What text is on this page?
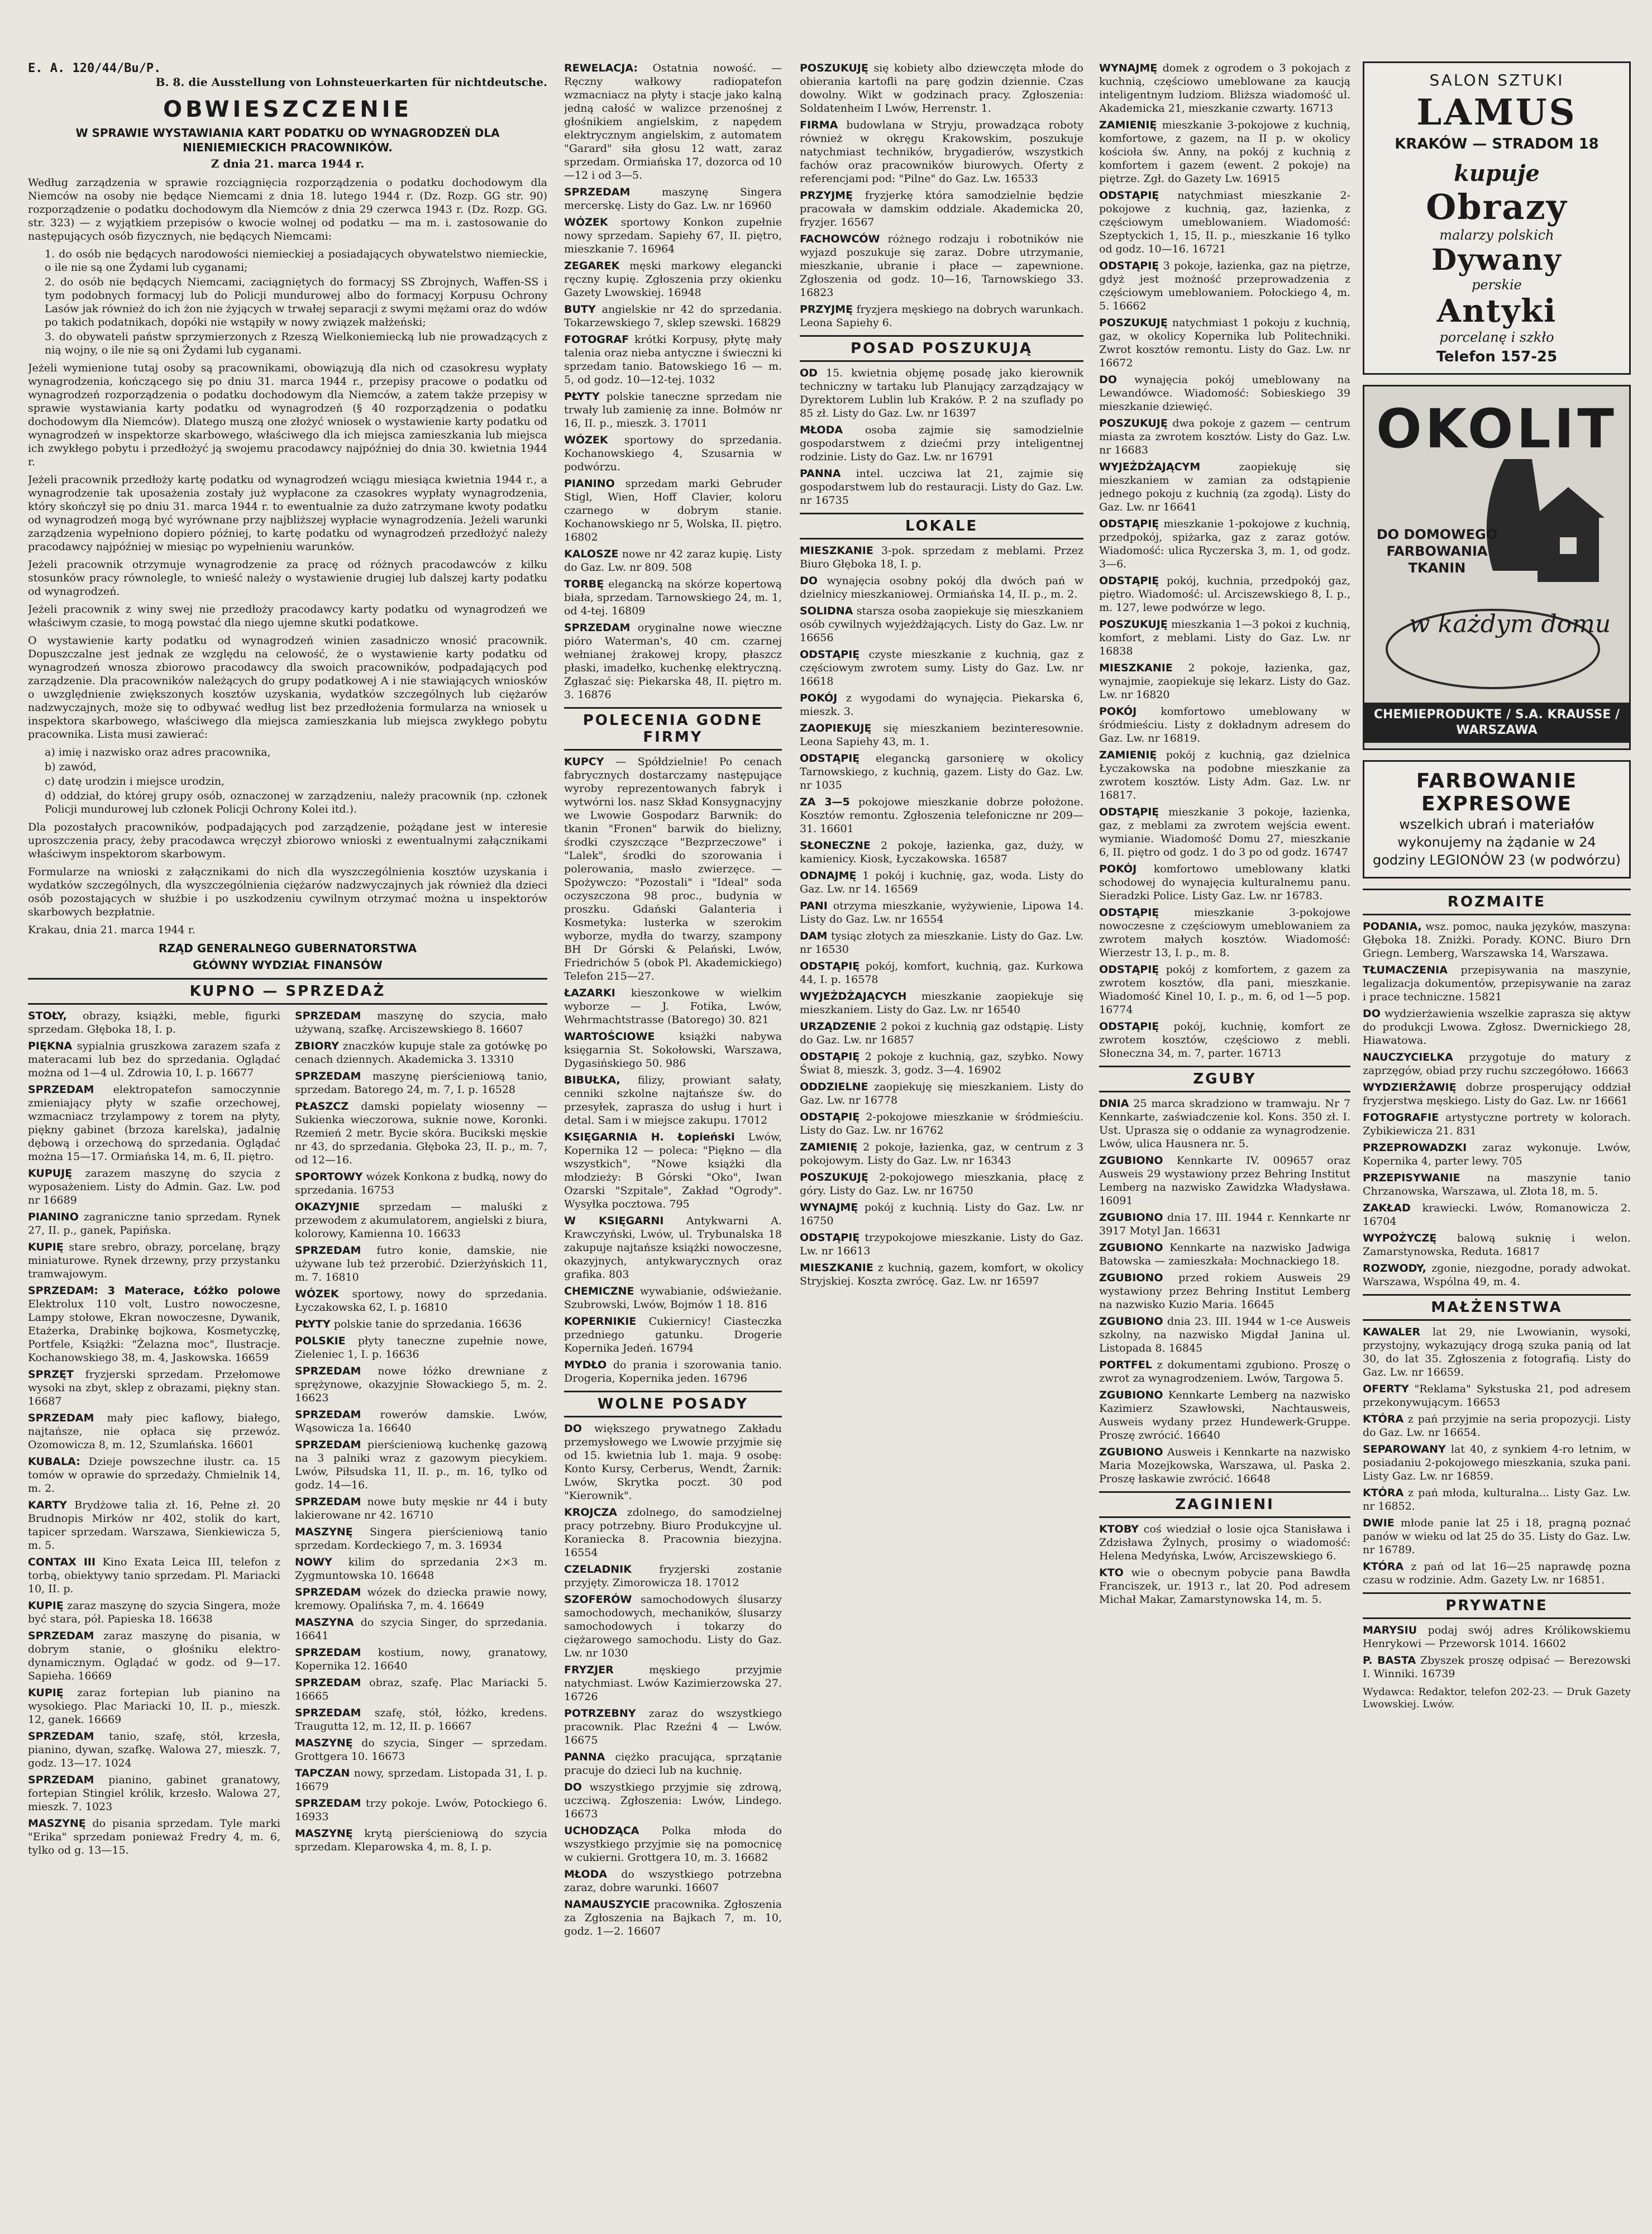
E. A. 120/44/Bu/P.
B. 8. die Ausstellung von Lohnsteuerkarten für nichtdeutsche.
OBWIESZCZENIE
W SPRAWIE WYSTAWIANIA KART PODATKU OD WYNAGRODZEŃ DLA NIENIEMIECKICH PRACOWNIKÓW.
Z dnia 21. marca 1944 r.

Według zarządzenia w sprawie rozciągnięcia rozporządzenia o podatku dochodowym dla Niemców na osoby nie będące Niemcami z dnia 18. lutego 1944 r. (Dz. Rozp. GG str. 90) rozporządzenie o podatku dochodowym dla Niemców z dnia 29 czerwca 1943 r. (Dz. Rozp. GG. str. 323) — z wyjątkiem przepisów o kwocie wolnej od podatku — ma m. i. zastosowanie do następujących osób fizycznych, nie będących Niemcami:

1. do osób nie będących narodowości niemieckiej a posiadających obywatelstwo niemieckie, o ile nie są one Żydami lub cyganami;
2. do osób nie będących Niemcami, zaciągniętych do formacyj SS Zbrojnych, Waffen-SS i tym podobnych formacyj lub do Policji mundurowej albo do formacyj Korpusu Ochrony Lasów jak również do ich żon nie żyjących w trwałej separacji z swymi mężami oraz do wdów po takich podatnikach, dopóki nie wstąpiły w nowy związek małżeński;
3. do obywateli państw sprzymierzonych z Rzeszą Wielkoniemiecką lub nie prowadzących z nią wojny, o ile nie są oni Żydami lub cyganami.

Jeżeli wymienione tutaj osoby są pracownikami, obowiązują dla nich od czasokresu wypłaty wynagrodzenia, kończącego się po dniu 31. marca 1944 r., przepisy pracowe o podatku od wynagrodzeń rozporządzenia o podatku dochodowym dla Niemców, a zatem także przepisy w sprawie wystawiania karty podatku od wynagrodzeń (§ 40 rozporządzenia o podatku dochodowym dla Niemców). Dlatego muszą one złożyć wniosek o wystawienie karty podatku od wynagrodzeń w inspektorze skarbowego, właściwego dla ich miejsca zamieszkania lub miejsca ich zwykłego pobytu i przedłożyć ją swojemu pracodawcy najpóźniej do dnia 30. kwietnia 1944 r.

Jeżeli pracownik przedłoży kartę podatku od wynagrodzeń wciągu miesiąca kwietnia 1944 r., a wynagrodzenie tak uposażenia zostały już wypłacone za czasokres wypłaty wynagrodzenia, który skończył się po dniu 31. marca 1944 r. to ewentualnie za dużo zatrzymane kwoty podatku od wynagrodzeń mogą być wyrównane przy najbliższej wypłacie wynagrodzenia. Jeżeli warunki zarządzenia wypełniono dopiero później, to kartę podatku od wynagrodzeń przedłożyć należy pracodawcy najpóźniej w miesiąc po wypełnieniu warunków.

Jeżeli pracownik otrzymuje wynagrodzenie za pracę od różnych pracodawców z kilku stosunków pracy równolegle, to wnieść należy o wystawienie drugiej lub dalszej karty podatku od wynagrodzeń.

Jeżeli pracownik z winy swej nie przedłoży pracodawcy karty podatku od wynagrodzeń we właściwym czasie, to mogą powstać dla niego ujemne skutki podatkowe.

O wystawienie karty podatku od wynagrodzeń winien zasadniczo wnosić pracownik. Dopuszczalne jest jednak ze względu na celowość, że o wystawienie karty podatku od wynagrodzeń wnosza zbiorowo pracodawcy dla swoich pracowników, podpadających pod zarządzenie. Dla pracowników należących do grupy podatkowej A i nie stawiających wniosków o uwzględnienie zwiększonych kosztów uzyskania, wydatków szczególnych lub ciężarów nadzwyczajnych, może się to odbywać według list bez przedłożenia formularza na wniosek u inspektora skarbowego, właściwego dla miejsca zamieszkania lub miejsca zwykłego pobytu pracownika. Lista musi zawierać:

a) imię i nazwisko oraz adres pracownika,
b) zawód,
c) datę urodzin i miejsce urodzin,
d) oddział, do której grupy osób, oznaczonej w zarządzeniu, należy pracownik (np. członek Policji mundurowej lub członek Policji Ochrony Kolei itd.).

Dla pozostałych pracowników, podpadających pod zarządzenie, pożądane jest w interesie uproszczenia pracy, żeby pracodawca wręczył zbiorowo wnioski z ewentualnymi załącznikami właściwym inspektorom skarbowym.

Formularze na wnioski z załącznikami do nich dla wyszczególnienia kosztów uzyskania i wydatków szczególnych, dla wyszczególnienia ciężarów nadzwyczajnych jak również dla dzieci osób pozostających w służbie i po uszkodzeniu cywilnym otrzymać można u inspektorów skarbowych bezpłatnie.

Krakau, dnia 21. marca 1944 r.

RZĄD GENERALNEGO GUBERNATORSTWA
GŁÓWNY WYDZIAŁ FINANSÓW
KUPNO — SPRZEDAŻ

STOŁY, obrazy, książki, meble, figurki sprzedam. Głęboka 18, I. p.

PIĘKNA sypialnia gruszkowa zarazem szafa z materacami lub bez do sprzedania. Oglądać można od 1—4 ul. Zdrowia 10, I. p. 16677

SPRZEDAM elektropatefon samoczynnie zmieniający płyty w szafie orzechowej, wzmacniacz trzylampowy z torem na płyty, piękny gabinet (brzoza karelska), jadalnię dębową i orzechową do sprzedania. Oglądać można 15—17. Ormiańska 14, m. 6, II. piętro.

KUPUJĘ zarazem maszynę do szycia z wyposażeniem. Listy do Admin. Gaz. Lw. pod nr 16689

PIANINO zagraniczne tanio sprzedam. Rynek 27, II. p., ganek, Papińska.

KUPIĘ stare srebro, obrazy, porcelanę, brązy miniaturowe. Rynek drzewny, przy przystanku tramwajowym.

SPRZEDAM: 3 Materace, Łóżko polowe Elektrolux 110 volt, Lustro nowoczesne, Lampy stołowe, Ekran nowoczesne, Dywanik, Etażerka, Drabinkę bojkowa, Kosmetyczkę, Portfele, Książki: "Żelazna moc", Ilustracje. Kochanowskiego 38, m. 4, Jaskowska. 16659

SPRZĘT fryzjerski sprzedam. Przełomowe wysoki na zbyt, sklep z obrazami, piękny stan. 16687

SPRZEDAM mały piec kaflowy, białego, najtańsze, nie opłaca się przewóz. Ozomowicza 8, m. 12, Szumlańska. 16601

KUBALA: Dzieje powszechne ilustr. ca. 15 tomów w oprawie do sprzedaży. Chmielnik 14, m. 2.

KARTY Brydżowe talia zł. 16, Pełne zł. 20 Brudnopis Mirków nr 402, stolik do kart, tapicer sprzedam. Warszawa, Sienkiewicza 5, m. 5.

CONTAX III Kino Exata Leica III, telefon z torbą, obiektywy tanio sprzedam. Pl. Mariacki 10, II. p.

KUPIĘ zaraz maszynę do szycia Singera, może być stara, pół. Papieska 18. 16638

SPRZEDAM zaraz maszynę do pisania, w dobrym stanie, o głośniku elektro-dynamicznym. Oglądać w godz. od 9—17. Sapieha. 16669

KUPIĘ zaraz fortepian lub pianino na wysokiego. Plac Mariacki 10, II. p., mieszk. 12, ganek. 16669

SPRZEDAM tanio, szafę, stół, krzesła, pianino, dywan, szafkę. Walowa 27, mieszk. 7, godz. 13—17. 1024

SPRZEDAM pianino, gabinet granatowy, fortepian Stingiel królik, krzesło. Walowa 27, mieszk. 7. 1023

MASZYNĘ do pisania sprzedam. Tyle marki "Erika" sprzedam ponieważ Fredry 4, m. 6, tylko od g. 13—15.

SPRZEDAM maszynę do szycia, mało używaną, szafkę. Arciszewskiego 8. 16607

ZBIORY znaczków kupuje stale za gotówkę po cenach dziennych. Akademicka 3. 13310

SPRZEDAM maszynę pierścieniową tanio, sprzedam. Batorego 24, m. 7, I. p. 16528

PŁASZCZ damski popielaty wiosenny — Sukienka wieczorowa, suknie nowe, Koronki. Rzemień 2 metr. Bycie skóra. Bucikski męskie nr 43, do sprzedania. Głęboka 23, II. p., m. 7, od 12—16.

SPORTOWY wózek Konkona z budką, nowy do sprzedania. 16753

OKAZYJNIE sprzedam — maluśki z przewodem z akumulatorem, angielski z biura, kolorowy, Kamienna 10. 16633

SPRZEDAM futro konie, damskie, nie używane lub też przerobić. Dzierżyńskich 11, m. 7. 16810

WÓZEK sportowy, nowy do sprzedania. Łyczakowska 62, I. p. 16810

PŁYTY polskie tanie do sprzedania. 16636

POLSKIE płyty taneczne zupełnie nowe, Zieleniec 1, I. p. 16636

SPRZEDAM nowe łóżko drewniane z sprężynowe, okazyjnie Słowackiego 5, m. 2. 16623

SPRZEDAM rowerów damskie. Lwów, Wąsowicza 1a. 16640

SPRZEDAM pierścieniową kuchenkę gazową na 3 palniki wraz z gazowym piecykiem. Lwów, Piłsudska 11, II. p., m. 16, tylko od godz. 14—16.

SPRZEDAM nowe buty męskie nr 44 i buty lakierowane nr 42. 16710

MASZYNĘ Singera pierścieniową tanio sprzedam. Kordeckiego 7, m. 3. 16934

NOWY kilim do sprzedania 2×3 m. Zygmuntowska 10. 16648

SPRZEDAM wózek do dziecka prawie nowy, kremowy. Opalińska 7, m. 4. 16649

MASZYNA do szycia Singer, do sprzedania. 16641

SPRZEDAM kostium, nowy, granatowy, Kopernika 12. 16640

SPRZEDAM obraz, szafę. Plac Mariacki 5. 16665

SPRZEDAM szafę, stół, łóżko, kredens. Traugutta 12, m. 12, II. p. 16667

MASZYNĘ do szycia, Singer — sprzedam. Grottgera 10. 16673

TAPCZAN nowy, sprzedam. Listopada 31, I. p. 16679

SPRZEDAM trzy pokoje. Lwów, Potockiego 6. 16933

MASZYNĘ krytą pierścieniową do szycia sprzedam. Kleparowska 4, m. 8, I. p.

REWELACJA: Ostatnia nowość. — Ręczny wałkowy radiopatefon wzmacniacz na płyty i stacje jako kalną jedną całość w walizce przenośnej z głośnikiem angielskim, z napędem elektrycznym angielskim, z automatem "Garard" siła głosu 12 watt, zaraz sprzedam. Ormiańska 17, dozorca od 10—12 i od 3—5.

SPRZEDAM maszynę Singera mercerskę. Listy do Gaz. Lw. nr 16960

WÓZEK sportowy Konkon zupełnie nowy sprzedam. Sapiehy 67, II. piętro, mieszkanie 7. 16964

ZEGAREK męski markowy elegancki ręczny kupię. Zgłoszenia przy okienku Gazety Lwowskiej. 16948

BUTY angielskie nr 42 do sprzedania. Tokarzewskiego 7, sklep szewski. 16829

FOTOGRAF krótki Korpusy, płytę mały talenia oraz nieba antyczne i świeczni ki sprzedam tanio. Batowskiego 16 — m. 5, od godz. 10—12-tej. 1032

PŁYTY polskie taneczne sprzedam nie trwały lub zamienię za inne. Bołmów nr 16, II. p., mieszk. 3. 17011

WÓZEK sportowy do sprzedania. Kochanowskiego 4, Szusarnia w podwórzu.

PIANINO sprzedam marki Gebruder Stigl, Wien, Hoff Clavier, koloru czarnego w dobrym stanie. Kochanowskiego nr 5, Wolska, II. piętro. 16802

KALOSZE nowe nr 42 zaraz kupię. Listy do Gaz. Lw. nr 809. 508

TORBĘ elegancką na skórze kopertową biała, sprzedam. Tarnowskiego 24, m. 1, od 4-tej. 16809

SPRZEDAM oryginalne nowe wieczne pióro Waterman's, 40 cm. czarnej wełnianej żrakowej kropy, płaszcz płaski, imadełko, kuchenkę elektryczną. Zgłaszać się: Piekarska 48, II. piętro m. 3. 16876

POLECENIA GODNE FIRMY

KUPCY — Spółdzielnie! Po cenach fabrycznych dostarczamy następujące wyroby reprezentowanych fabryk i wytwórni los. nasz Skład Konsygnacyjny we Lwowie Gospodarz Barwnik: do tkanin "Fronen" barwik do bielizny, środki czyszczące "Bezprzeczowe" i "Lalek", środki do szorowania i polerowania, masło zwierzęce. — Spożywczo: "Pozostali" i "Ideal" soda oczyszczona 98 proc., budynia w proszku. Gdański Galanteria i Kosmetyka: lusterka w szerokim wyborze, mydła do twarzy, szampony BH Dr Górski & Pelański, Lwów, Friedrichów 5 (obok Pl. Akademickiego) Telefon 215—27.

ŁAZARKI kieszonkowe w wielkim wyborze — J. Fotika, Lwów, Wehrmachtstrasse (Batorego) 30. 821

WARTOŚCIOWE książki nabywa księgarnia St. Sokołowski, Warszawa, Dygasińskiego 50. 986

BIBUŁKA, filizy, prowiant sałaty, cenniki szkolne najtańsze św. do przesyłek, zaprasza do usług i hurt i detal. Sam i w miejsce zakupu. 17012

KSIĘGARNIA H. Łopieński Lwów, Kopernika 12 — poleca: "Piękno — dla wszystkich", "Nowe książki dla młodzieży: B Górski "Oko", Iwan Ozarski "Szpitale", Zakład "Ogrody". Wysyłka pocztowa. 795

W KSIĘGARNI Antykwarni A. Krawczyński, Lwów, ul. Trybunalska 18 zakupuje najtańsze książki nowoczesne, okazyjnych, antykwarycznych oraz grafika. 803

CHEMICZNE wywabianie, odświeżanie. Szubrowski, Lwów, Bojmów 1 18. 816

KOPERNIKIE Cukiernicy! Ciasteczka przedniego gatunku. Drogerie Kopernika Jedeń. 16794

MYDŁO do prania i szorowania tanio. Drogeria, Kopernika jeden. 16796

WOLNE POSADY

DO większego prywatnego Zakładu przemysłowego we Lwowie przyjmie się od 15. kwietnia lub 1. maja. 9 osobę: Konto Kursy, Cerberus, Wendt, Żarnik: Lwów, Skrytka poczt. 30 pod "Kierownik".

KROJCZA zdolnego, do samodzielnej pracy potrzebny. Biuro Produkcyjne ul. Koraniecka 8. Pracownia biezyjna. 16554

CZELADNIK fryzjerski zostanie przyjęty. Zimorowicza 18. 17012

SZOFERÓW samochodowych ślusarzy samochodowych, mechaników, ślusarzy samochodowych i tokarzy do ciężarowego samochodu. Listy do Gaz. Lw. nr 1030

FRYZJER męskiego przyjmie natychmiast. Lwów Kazimierzowska 27. 16726

POTRZEBNY zaraz do wszystkiego pracownik. Plac Rzeźni 4 — Lwów. 16675

PANNA ciężko pracująca, sprzątanie pracuje do dzieci lub na kuchnię.

DO wszystkiego przyjmie się zdrową, uczciwą. Zgłoszenia: Lwów, Lindego. 16673

UCHODZĄCA Polka młoda do wszystkiego przyjmie się na pomocnicę w cukierni. Grottgera 10, m. 3. 16682

MŁODA do wszystkiego potrzebna zaraz, dobre warunki. 16607

NAMAUSZYCIE pracownika. Zgłoszenia za Zgłoszenia na Bajkach 7, m. 10, godz. 1—2. 16607

POSZUKUJĘ się kobiety albo dziewczęta młode do obierania kartofli na parę godzin dziennie. Czas dowolny. Wikt w godzinach pracy. Zgłoszenia: Soldatenheim I Lwów, Herrenstr. 1.

FIRMA budowlana w Stryju, prowadząca roboty również w okręgu Krakowskim, poszukuje natychmiast techników, brygadierów, wszystkich fachów oraz pracowników biurowych. Oferty z referencjami pod: "Pilne" do Gaz. Lw. 16533

PRZYJMĘ fryzjerkę która samodzielnie będzie pracowała w damskim oddziale. Akademicka 20, fryzjer. 16567

FACHOWCÓW różnego rodzaju i robotników nie wyjazd poszukuje się zaraz. Dobre utrzymanie, mieszkanie, ubranie i płace — zapewnione. Zgłoszenia od godz. 10—16, Tarnowskiego 33. 16823

PRZYJMĘ fryzjera męskiego na dobrych warunkach. Leona Sapiehy 6.

POSAD POSZUKUJĄ

OD 15. kwietnia objęmę posadę jako kierownik techniczny w tartaku lub Planujący zarządzający w Dyrektorem Lublin lub Kraków. P. 2 na szuflady po 85 zł. Listy do Gaz. Lw. nr 16397

MŁODA osoba zajmie się samodzielnie gospodarstwem z dziećmi przy inteligentnej rodzinie. Listy do Gaz. Lw. nr 16791

PANNA intel. uczciwa lat 21, zajmie się gospodarstwem lub do restauracji. Listy do Gaz. Lw. nr 16735

LOKALE

MIESZKANIE 3-pok. sprzedam z meblami. Przez Biuro Głęboka 18, I. p.

DO wynajęcia osobny pokój dla dwóch pań w dzielnicy mieszkaniowej. Ormiańska 14, II. p., m. 2.

SOLIDNA starsza osoba zaopiekuje się mieszkaniem osób cywilnych wyjeżdżających. Listy do Gaz. Lw. nr 16656

ODSTĄPIĘ czyste mieszkanie z kuchnią, gaz z częściowym zwrotem sumy. Listy do Gaz. Lw. nr 16618

POKÓJ z wygodami do wynajęcia. Piekarska 6, mieszk. 3.

ZAOPIEKUJĘ się mieszkaniem bezinteresownie. Leona Sapiehy 43, m. 1.

ODSTĄPIĘ elegancką garsonierę w okolicy Tarnowskiego, z kuchnią, gazem. Listy do Gaz. Lw. nr 1035

ZA 3—5 pokojowe mieszkanie dobrze położone. Kosztów remontu. Zgłoszenia telefoniczne nr 209—31. 16601

SŁONECZNE 2 pokoje, łazienka, gaz, duży, w kamienicy. Kiosk, Łyczakowska. 16587

ODNAJMĘ 1 pokój i kuchnię, gaz, woda. Listy do Gaz. Lw. nr 14. 16569

PANI otrzyma mieszkanie, wyżywienie, Lipowa 14. Listy do Gaz. Lw. nr 16554

DAM tysiąc złotych za mieszkanie. Listy do Gaz. Lw. nr 16530

ODSTĄPIĘ pokój, komfort, kuchnią, gaz. Kurkowa 44, I. p. 16578

WYJEŻDŻAJĄCYCH mieszkanie zaopiekuje się mieszkaniem. Listy do Gaz. Lw. nr 16540

URZĄDZENIE 2 pokoi z kuchnią gaz odstąpię. Listy do Gaz. Lw. nr 16857

ODSTĄPIĘ 2 pokoje z kuchnią, gaz, szybko. Nowy Świat 8, mieszk. 3, godz. 3—4. 16902

ODDZIELNE zaopiekuję się mieszkaniem. Listy do Gaz. Lw. nr 16778

ODSTĄPIĘ 2-pokojowe mieszkanie w śródmieściu. Listy do Gaz. Lw. nr 16762

ZAMIENIĘ 2 pokoje, łazienka, gaz, w centrum z 3 pokojowym. Listy do Gaz. Lw. nr 16343

POSZUKUJĘ 2-pokojowego mieszkania, płacę z góry. Listy do Gaz. Lw. nr 16750

WYNAJMĘ pokój z kuchnią. Listy do Gaz. Lw. nr 16750

ODSTĄPIĘ trzypokojowe mieszkanie. Listy do Gaz. Lw. nr 16613

MIESZKANIE z kuchnią, gazem, komfort, w okolicy Stryjskiej. Koszta zwrócę. Gaz. Lw. nr 16597

WYNAJMĘ domek z ogrodem o 3 pokojach z kuchnią, częściowo umeblowane za kaucją inteligentnym ludziom. Bliższa wiadomość ul. Akademicka 21, mieszkanie czwarty. 16713

ZAMIENIĘ mieszkanie 3-pokojowe z kuchnią, komfortowe, z gazem, na II p. w okolicy kościoła św. Anny, na pokój z kuchnią z komfortem i gazem (ewent. 2 pokoje) na piętrze. Zgł. do Gazety Lw. 16915

ODSTĄPIĘ natychmiast mieszkanie 2-pokojowe z kuchnią, gaz, łazienka, z częściowym umeblowaniem. Wiadomość: Szeptyckich 1, 15, II. p., mieszkanie 16 tylko od godz. 10—16. 16721

ODSTĄPIĘ 3 pokoje, łazienka, gaz na piętrze, gdyż jest możność przeprowadzenia z częściowym umeblowaniem. Połockiego 4, m. 5. 16662

POSZUKUJĘ natychmiast 1 pokoju z kuchnią, gaz, w okolicy Kopernika lub Politechniki. Zwrot kosztów remontu. Listy do Gaz. Lw. nr 16672

DO wynajęcia pokój umeblowany na Lewandówce. Wiadomość: Sobieskiego 39 mieszkanie dziewięć.

POSZUKUJĘ dwa pokoje z gazem — centrum miasta za zwrotem kosztów. Listy do Gaz. Lw. nr 16683

WYJEŻDŻAJĄCYM zaopiekuję się mieszkaniem w zamian za odstąpienie jednego pokoju z kuchnią (za zgodą). Listy do Gaz. Lw. nr 16641

ODSTĄPIĘ mieszkanie 1-pokojowe z kuchnią, przedpokój, spiżarka, gaz z zaraz gotów. Wiadomość: ulica Ryczerska 3, m. 1, od godz. 3—6.

ODSTĄPIĘ pokój, kuchnia, przedpokój gaz, piętro. Wiadomość: ul. Arciszewskiego 8, I. p., m. 127, lewe podwórze w lego.

POSZUKUJĘ mieszkania 1—3 pokoi z kuchnią, komfort, z meblami. Listy do Gaz. Lw. nr 16838

MIESZKANIE 2 pokoje, łazienka, gaz, wynajmie, zaopiekuje się lekarz. Listy do Gaz. Lw. nr 16820

POKÓJ komfortowo umeblowany w śródmieściu. Listy z dokładnym adresem do Gaz. Lw. nr 16819.

ZAMIENIĘ pokój z kuchnią, gaz dzielnica Łyczakowska na podobne mieszkanie za zwrotem kosztów. Listy Adm. Gaz. Lw. nr 16817.

ODSTĄPIĘ mieszkanie 3 pokoje, łazienka, gaz, z meblami za zwrotem wejścia ewent. wymianie. Wiadomość Domu 27, mieszkanie 6, II. piętro od godz. 1 do 3 po od godz. 16747

POKÓJ komfortowo umeblowany klatki schodowej do wynajęcia kulturalnemu panu. Sieradzki Police. Listy Gaz. Lw. nr 16783.

ODSTĄPIĘ mieszkanie 3-pokojowe nowoczesne z częściowym umeblowaniem za zwrotem małych kosztów. Wiadomość: Wierzestr 13, I. p., m. 8.

ODSTĄPIĘ pokój z komfortem, z gazem za zwrotem kosztów, dla pani, mieszkanie. Wiadomość Kinel 10, I. p., m. 6, od 1—5 pop. 16774

ODSTĄPIĘ pokój, kuchnię, komfort ze zwrotem kosztów, częściowo z mebli. Słoneczna 34, m. 7, parter. 16713

ZGUBY

DNIA 25 marca skradziono w tramwaju. Nr 7 Kennkarte, zaświadczenie kol. Kons. 350 zł. I. Ust. Uprasza się o oddanie za wynagrodzenie. Lwów, ulica Hausnera nr. 5.

ZGUBIONO Kennkarte IV. 009657 oraz Ausweis 29 wystawiony przez Behring Institut Lemberg na nazwisko Zawidzka Władysława. 16091

ZGUBIONO dnia 17. III. 1944 r. Kennkarte nr 3917 Motyl Jan. 16631

ZGUBIONO Kennkarte na nazwisko Jadwiga Batowska — zamieszkała: Mochnackiego 18.

ZGUBIONO przed rokiem Ausweis 29 wystawiony przez Behring Institut Lemberg na nazwisko Kuzio Maria. 16645

ZGUBIONO dnia 23. III. 1944 w 1-ce Ausweis szkolny, na nazwisko Migdał Janina ul. Listopada 8. 16845

PORTFEL z dokumentami zgubiono. Proszę o zwrot za wynagrodzeniem. Lwów, Targowa 5.

ZGUBIONO Kennkarte Lemberg na nazwisko Kazimierz Szawłowski, Nachtausweis, Ausweis wydany przez Hundewerk-Gruppe. Proszę zwrócić. 16640

ZGUBIONO Ausweis i Kennkarte na nazwisko Maria Mozejkowska, Warszawa, ul. Paska 2. Proszę łaskawie zwrócić. 16648

ZAGINIENI

KTOBY coś wiedział o losie ojca Stanisława i Zdzisława Żylnych, prosimy o wiadomość: Helena Medyńska, Lwów, Arciszewskiego 6.

KTO wie o obecnym pobycie pana Bawdła Franciszek, ur. 1913 r., lat 20. Pod adresem Michał Makar, Zamarstynowska 14, m. 5.

SALON SZTUKI
LAMUS
KRAKÓW — STRADOM 18
kupuje
Obrazy
malarzy polskich
Dywany
perskie
Antyki
porcelanę i szkło
Telefon 157-25
OKOLIT
DO DOMOWEGO FARBOWANIA TKANIN
w każdym domu
CHEMIEPRODUKTE / S.A. KRAUSSE / WARSZAWA
FARBOWANIE EXPRESOWE
wszelkich ubrań i materiałów wykonujemy na żądanie w 24 godziny LEGIONÓW 23 (w podwórzu)
ROZMAITE

PODANIA, wsz. pomoc, nauka języków, maszyna: Głęboka 18. Zniżki. Porady. KONC. Biuro Drn Griegn. Lemberg, Warszawska 14, Warszawa.

TŁUMACZENIA przepisywania na maszynie, legalizacja dokumentów, przepisywanie na zaraz i prace techniczne. 15821

DO wydzierżawienia wszelkie zaprasza się aktyw do produkcji Lwowa. Zgłosz. Dwernickiego 28, Hiawatowa.

NAUCZYCIELKA przygotuje do matury z zaprzęgów, obiad przy ruchu szczegółowo. 16663

WYDZIERŻAWIĘ dobrze prosperujący oddział fryzjerstwa męskiego. Listy do Gaz. Lw. nr 16661

FOTOGRAFIE artystyczne portrety w kolorach. Zybikiewicza 21. 831

PRZEPROWADZKI zaraz wykonuje. Lwów, Kopernika 4, parter lewy. 705

PRZEPISYWANIE na maszynie tanio Chrzanowska, Warszawa, ul. Złota 18, m. 5.

ZAKŁAD krawiecki. Lwów, Romanowicza 2. 16704

WYPOŻYCZĘ balową suknię i welon. Zamarstynowska, Reduta. 16817

ROZWODY, zgonie, niezgodne, porady adwokat. Warszawa, Wspólna 49, m. 4.

MAŁŻENSTWA

KAWALER lat 29, nie Lwowianin, wysoki, przystojny, wykazujący drogą szuka panią od lat 30, do lat 35. Zgłoszenia z fotografią. Listy do Gaz. Lw. nr 16659.

OFERTY "Reklama" Sykstuska 21, pod adresem przekonywującym. 16653

KTÓRA z pań przyjmie na seria propozycji. Listy do Gaz. Lw. nr 16654.

SEPAROWANY lat 40, z synkiem 4-ro letnim, w posiadaniu 2-pokojowego mieszkania, szuka pani. Listy Gaz. Lw. nr 16859.

KTÓRA z pań młoda, kulturalna... Listy Gaz. Lw. nr 16852.

DWIE młode panie lat 25 i 18, pragną poznać panów w wieku od lat 25 do 35. Listy do Gaz. Lw. nr 16789.

KTÓRA z pań od lat 16—25 naprawdę pozna czasu w rodzinie. Adm. Gazety Lw. nr 16851.

PRYWATNE

MARYSIU podaj swój adres Królikowskiemu Henrykowi — Przeworsk 1014. 16602

P. BASTA Zbyszek proszę odpisać — Berezowski I. Winniki. 16739

Wydawca: Redaktor, telefon 202-23. — Druk Gazety Lwowskiej. Lwów.
